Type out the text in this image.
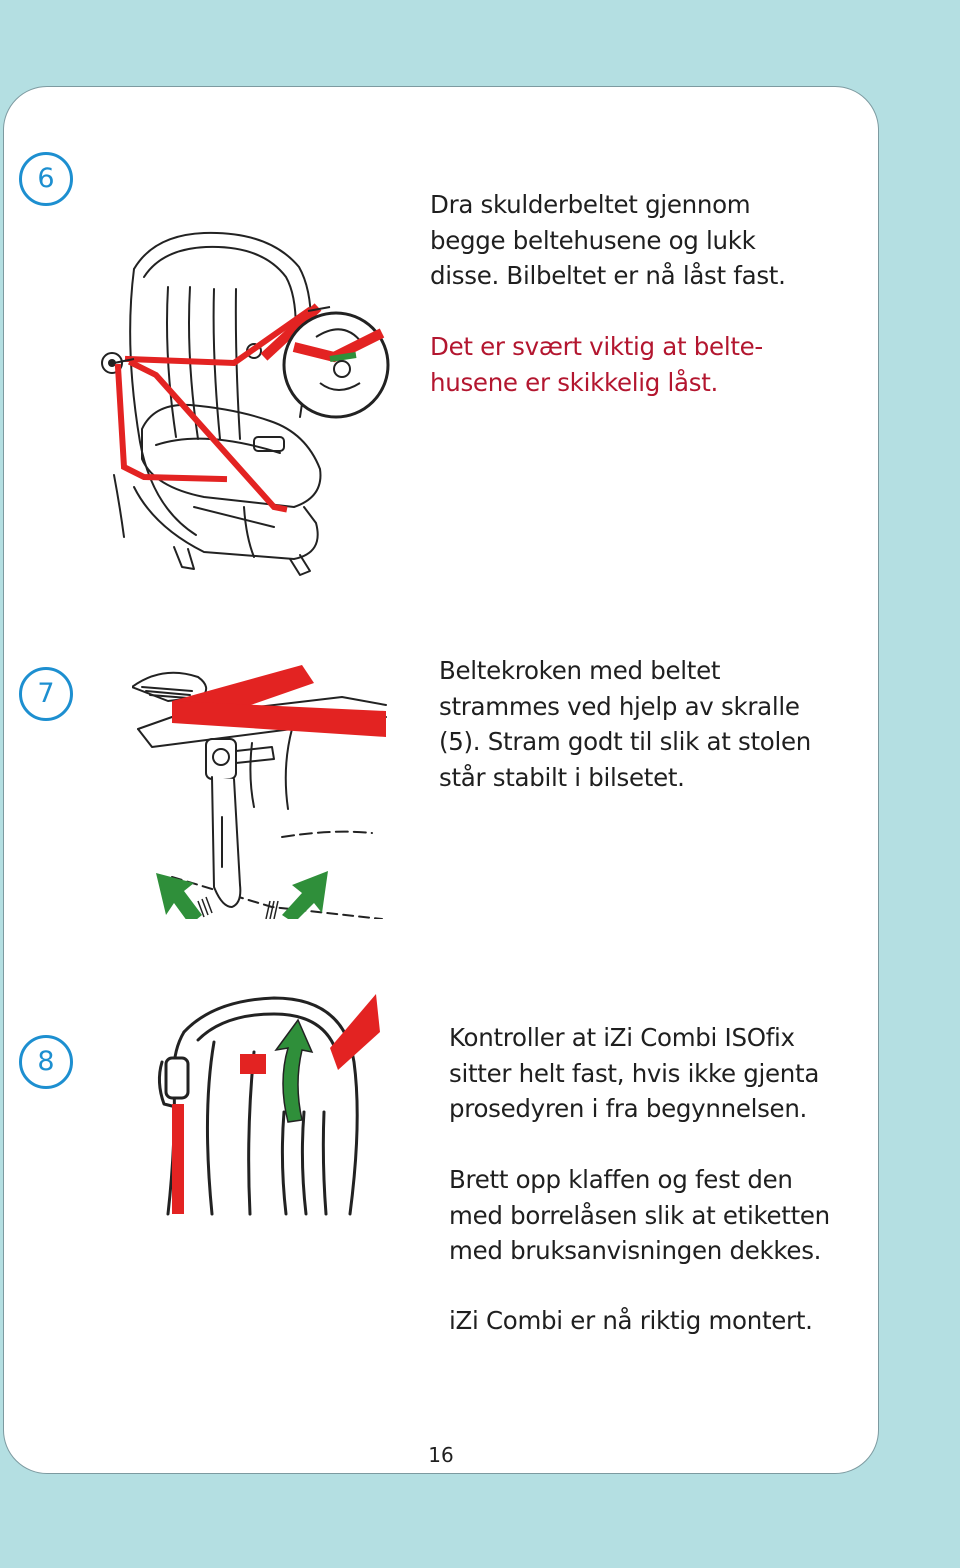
6
Dra skulderbeltet gjennom
begge beltehusene og lukk
disse. Bilbeltet er nå låst fast.
Det er svært viktig at belte-
husene er skikkelig låst.
7
Beltekroken med beltet
strammes ved hjelp av skralle
(5). Stram godt til slik at stolen
står stabilt i bilsetet.
8
Kontroller at iZi Combi ISOfix
sitter helt fast, hvis ikke gjenta
prosedyren i fra begynnelsen.
Brett opp klaffen og fest den
med borrelåsen slik at etiketten
med bruksanvisningen dekkes.
iZi Combi er nå riktig montert.
16
